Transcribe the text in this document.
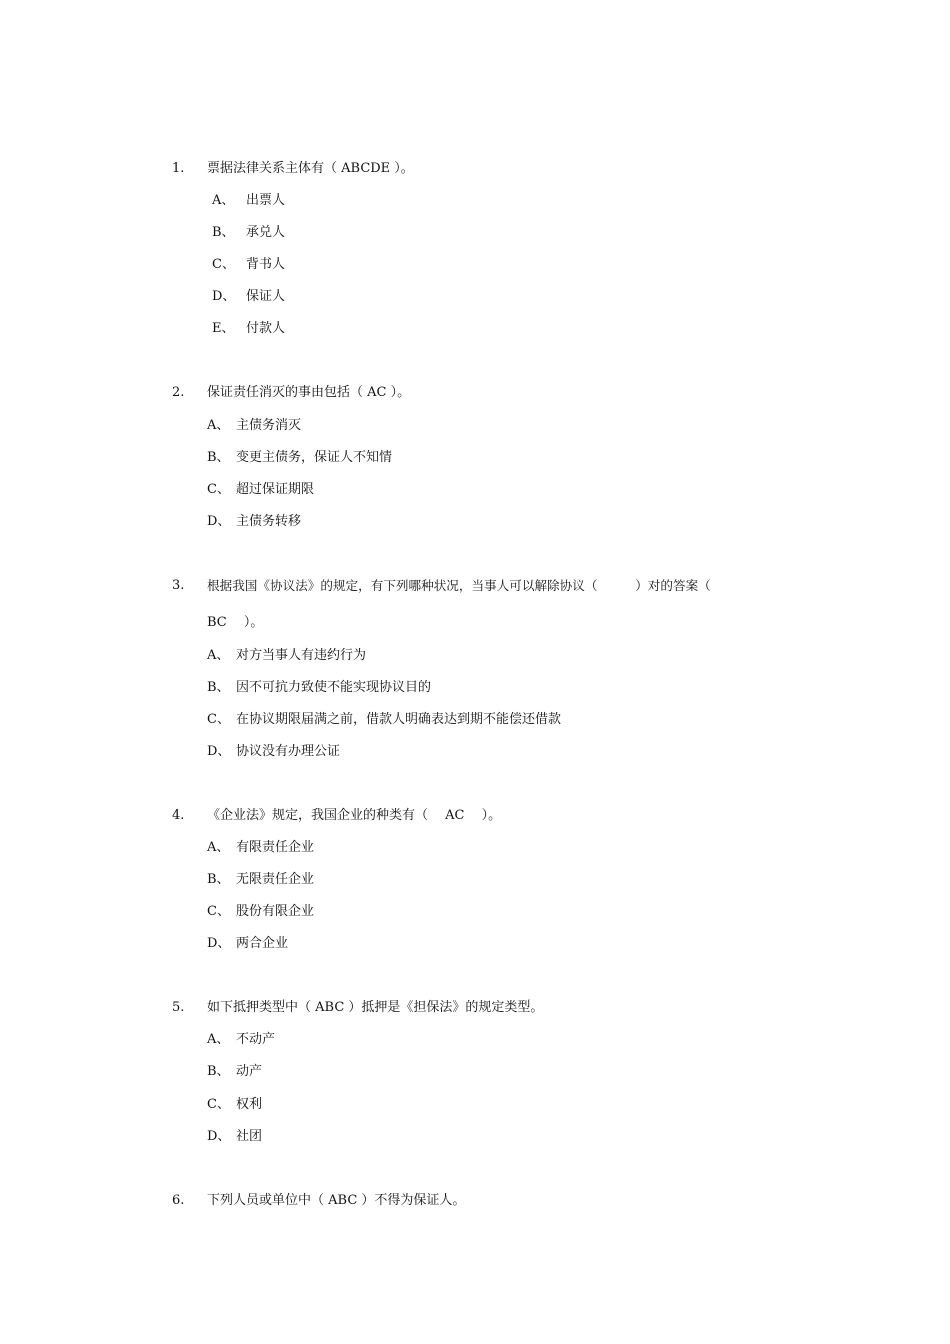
1. 票据法律关系主体有（ ABCDE ）。
A、 出票人
B、 承兑人
C、 背书人
D、 保证人
E、 付款人
2. 保证责任消灭的事由包括（ AC ）。
A、 主债务消灭
B、 变更主债务，保证人不知情
C、 超过保证期限
D、 主债务转移
3. 根据我国《协议法》的规定，有下列哪种状况，当事人可以解除协议（　　　）对的答案（
BC　 ）。
A、 对方当事人有违约行为
B、 因不可抗力致使不能实现协议目的
C、 在协议期限届满之前，借款人明确表达到期不能偿还借款
D、 协议没有办理公证
4. 《企业法》规定，我国企业的种类有（　 AC　 ）。
A、 有限责任企业
B、 无限责任企业
C、 股份有限企业
D、 两合企业
5. 如下抵押类型中（ ABC ）抵押是《担保法》的规定类型。
A、 不动产
B、 动产
C、 权利
D、 社团
6. 下列人员或单位中（ ABC ）不得为保证人。
